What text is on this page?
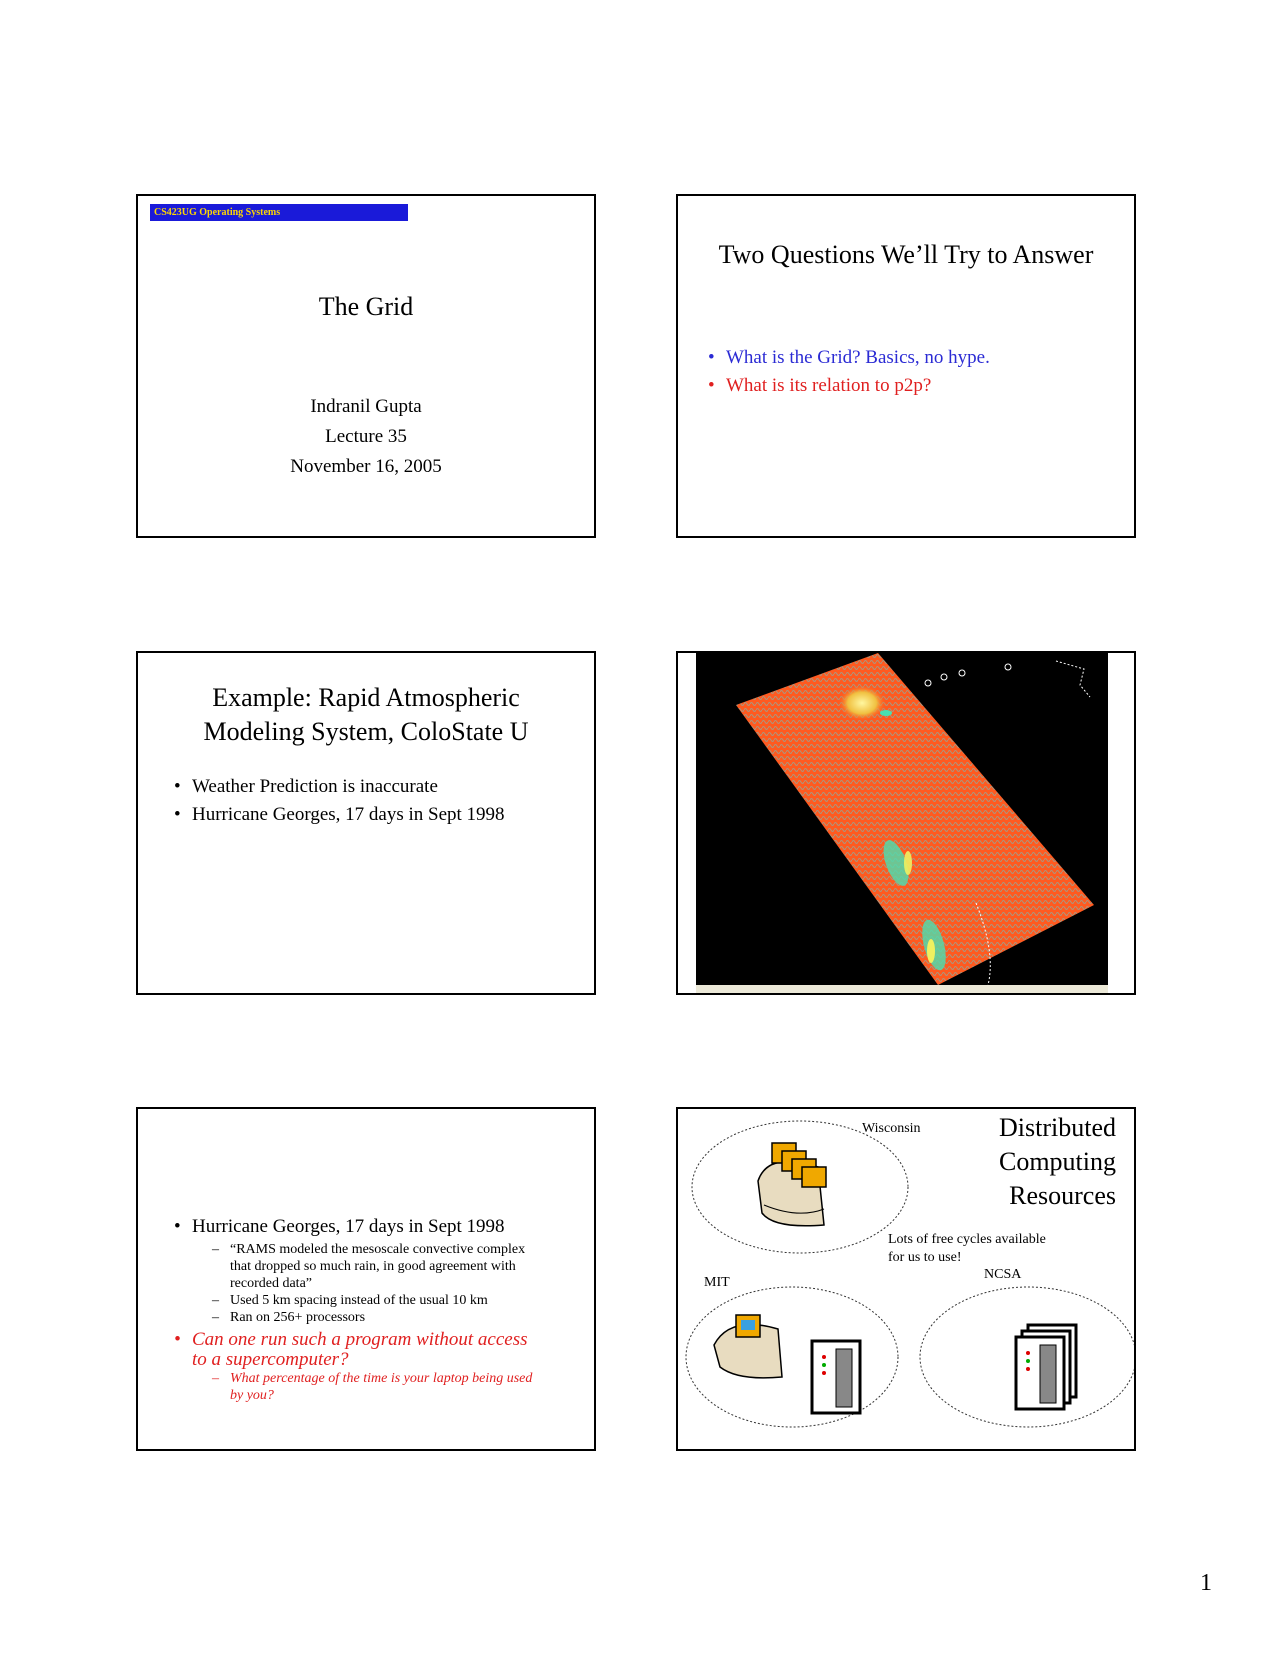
CS423UG Operating Systems
The Grid
Indranil Gupta
Lecture 35
November 16, 2005
Two Questions We’ll Try to Answer
• What is the Grid? Basics, no hype.
• What is its relation to p2p?
Example: Rapid Atmospheric
Modeling System, ColoState U
• Weather Prediction is inaccurate
• Hurricane Georges, 17 days in Sept 1998
• Hurricane Georges, 17 days in Sept 1998
– “RAMS modeled the mesoscale convective complex that dropped so much rain, in good agreement with recorded data”
– Used 5 km spacing instead of the usual 10 km
– Ran on 256+ processors
• Can one run such a program without access to a supercomputer?
– What percentage of the time is your laptop being used by you?
Distributed
Computing
Resources
Wisconsin
Lots of free cycles available
for us to use!
MIT
NCSA
1
